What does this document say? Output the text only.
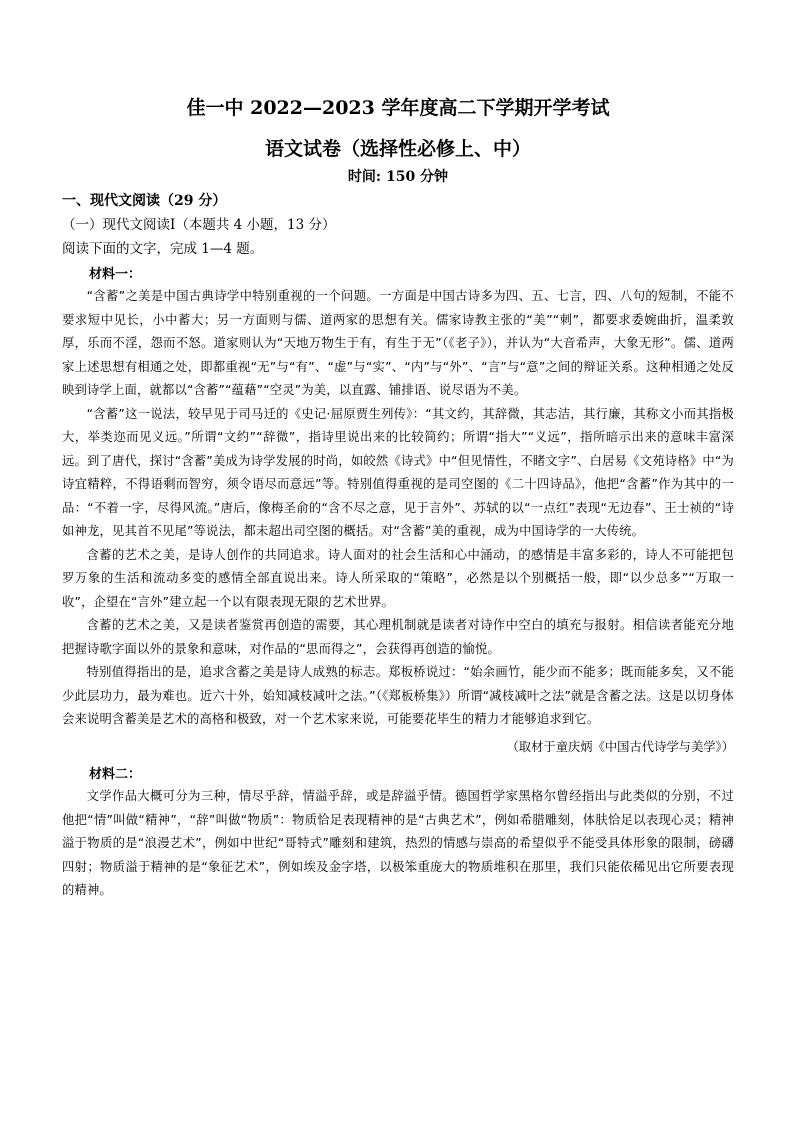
佳一中 2022—2023 学年度高二下学期开学考试
语文试卷（选择性必修上、中）
时间: 150 分钟
一、现代文阅读（29 分）
（一）现代文阅读Ⅰ（本题共 4 小题，13 分）
阅读下面的文字，完成 1—4 题。
材料一：

“含蓄”之美是中国古典诗学中特别重视的一个问题。一方面是中国古诗多为四、五、七言，四、八句的短制，不能不要求短中见长，小中蓄大；另一方面则与儒、道两家的思想有关。儒家诗教主张的“美”“刺”，都要求委婉曲折，温柔敦厚，乐而不淫，怨而不怒。道家则认为“天地万物生于有，有生于无”（《老子》），并认为“大音希声，大象无形”。儒、道两家上述思想有相通之处，即都重视“无”与“有”、“虚”与“实”、“内”与“外”、“言”与“意”之间的辩证关系。这种相通之处反映到诗学上面，就都以“含蓄”“蕴藉”“空灵”为美，以直露、铺排语、说尽语为不美。

“含蓄”这一说法，较早见于司马迁的《史记·屈原贾生列传》：“其文约，其辞微，其志洁，其行廉，其称文小而其指极大，举类迩而见义远。”所谓“文约”“辞微”，指诗里说出来的比较简约；所谓“指大”“义远”，指所暗示出来的意味丰富深远。到了唐代，探讨“含蓄”美成为诗学发展的时尚，如皎然《诗式》中“但见情性，不睹文字”、白居易《文苑诗格》中“为诗宜精粹，不得语剩而智穷，须令语尽而意远”等。特别值得重视的是司空图的《二十四诗品》，他把“含蓄”作为其中的一品：“不着一字，尽得风流。”唐后，像梅圣俞的“含不尽之意，见于言外”、苏轼的以“一点红”表现“无边春”、王士祯的“诗如神龙，见其首不见尾”等说法，都未超出司空图的概括。对“含蓄”美的重视，成为中国诗学的一大传统。

含蓄的艺术之美，是诗人创作的共同追求。诗人面对的社会生活和心中涌动，的感情是丰富多彩的，诗人不可能把包罗万象的生活和流动多变的感情全部直说出来。诗人所采取的“策略”，必然是以个别概括一般，即“以少总多”“万取一收”，企望在“言外”建立起一个以有限表现无限的艺术世界。

含蓄的艺术之美，又是读者鉴赏再创造的需要，其心理机制就是读者对诗作中空白的填充与报射。相信读者能充分地把握诗歌字面以外的景象和意味，对作品的“思而得之”，会获得再创造的愉悦。

特别值得指出的是，追求含蓄之美是诗人成熟的标志。郑板桥说过：“始余画竹，能少而不能多；既而能多矣，又不能少此层功力，最为难也。近六十外，始知减枝减叶之法。”（《郑板桥集》）所谓“减枝减叶之法”就是含蓄之法。这是以切身体会来说明含蓄美是艺术的高格和极致，对一个艺术家来说，可能要花毕生的精力才能够追求到它。

（取材于童庆炳《中国古代诗学与美学》）
材料二：

文学作品大概可分为三种，情尽乎辞，情溢乎辞，或是辞溢乎情。德国哲学家黑格尔曾经指出与此类似的分别，不过他把“情”叫做“精神”，“辞”叫做“物质”：物质恰足表现精神的是“古典艺术”，例如希腊雕刻，体肤恰足以表现心灵；精神溢于物质的是“浪漫艺术”，例如中世纪“哥特式”雕刻和建筑，热烈的情感与崇高的希望似乎不能受具体形象的限制，磅礴四射；物质溢于精神的是“象征艺术”，例如埃及金字塔，以极笨重庞大的物质堆积在那里，我们只能依稀见出它所要表现的精神。
